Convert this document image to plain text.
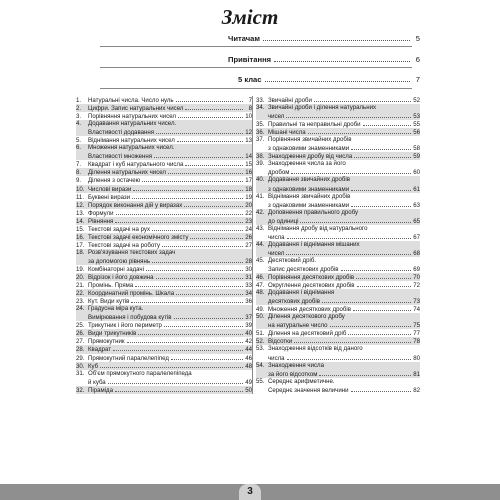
Зміст
Читачам	5
Привітання	6
5 клас	7
1.	Натуральні числа. Число нуль	7
2.	Цифри. Запис натуральних чисел	8
3.	Порівняння натуральних чисел	10
4.	Додавання натуральних чисел.
Властивості додавання	12
5.	Віднімання натуральних чисел	13
6.	Множення натуральних чисел.
Властивості множення	14
7.	Квадрат і куб натурального числа	15
8.	Ділення натуральних чисел	16
9.	Ділення з остачею	17
10. Числові вирази	18
11. Буквені вирази	19
12. Порядок виконання дій у виразах	20
13. Формули	22
14. Рівняння	23
15. Текстові задачі на рух	24
16. Текстові задачі економічного змісту	26
17. Текстові задачі на роботу	27
18. Розв'язування текстових задач
за допомогою рівнянь	28
19. Комбінаторні задачі	30
20. Відрізок і його довжина	31
21. Промінь. Пряма	33
22. Координатний промінь. Шкала	34
23. Кут. Види кутів	36
24. Градусна міра кута.
Вимірювання і побудова кутів	37
25. Трикутник і його периметр	39
26. Види трикутників	40
27. Прямокутник	42
28. Квадрат	44
29. Прямокутний паралелепіпед	46
30. Куб	48
31. Об'єм прямокутного паралелепіпеда
й куба	49
32. Піраміда	50
33. Звичайні дроби	52
34. Звичайні дроби і ділення натуральних
чисел	53
35. Правильні та неправильні дроби	55
36. Мішані числа	56
37. Порівняння звичайних дробів
з однаковими знаменниками	58
38. Знаходження дробу від числа	59
39. Знаходження числа за його
дробом	60
40. Додавання звичайних дробів
з однаковими знаменниками	61
41. Віднімання звичайних дробів
з однаковими знаменниками	63
42. Доповнення правильного дробу
до одиниці	65
43. Віднімання дробу від натурального
числа	67
44. Додавання і віднімання мішаних
чисел	68
45. Десятковий дріб.
Запис десяткових дробів	69
46. Порівняння десяткових дробів	70
47. Округлення десяткових дробів	72
48. Додавання і віднімання
десяткових дробів	73
49. Множення десяткових дробів	74
50. Ділення десяткового дробу
на натуральне число	75
51. Ділення на десятковий дріб	77
52. Відсотки	78
53. Знаходження відсотків від даного
числа	80
54. Знаходження числа
за його відсотком	81
55. Середнє арифметичне.
Середнє значення величини	82
3
